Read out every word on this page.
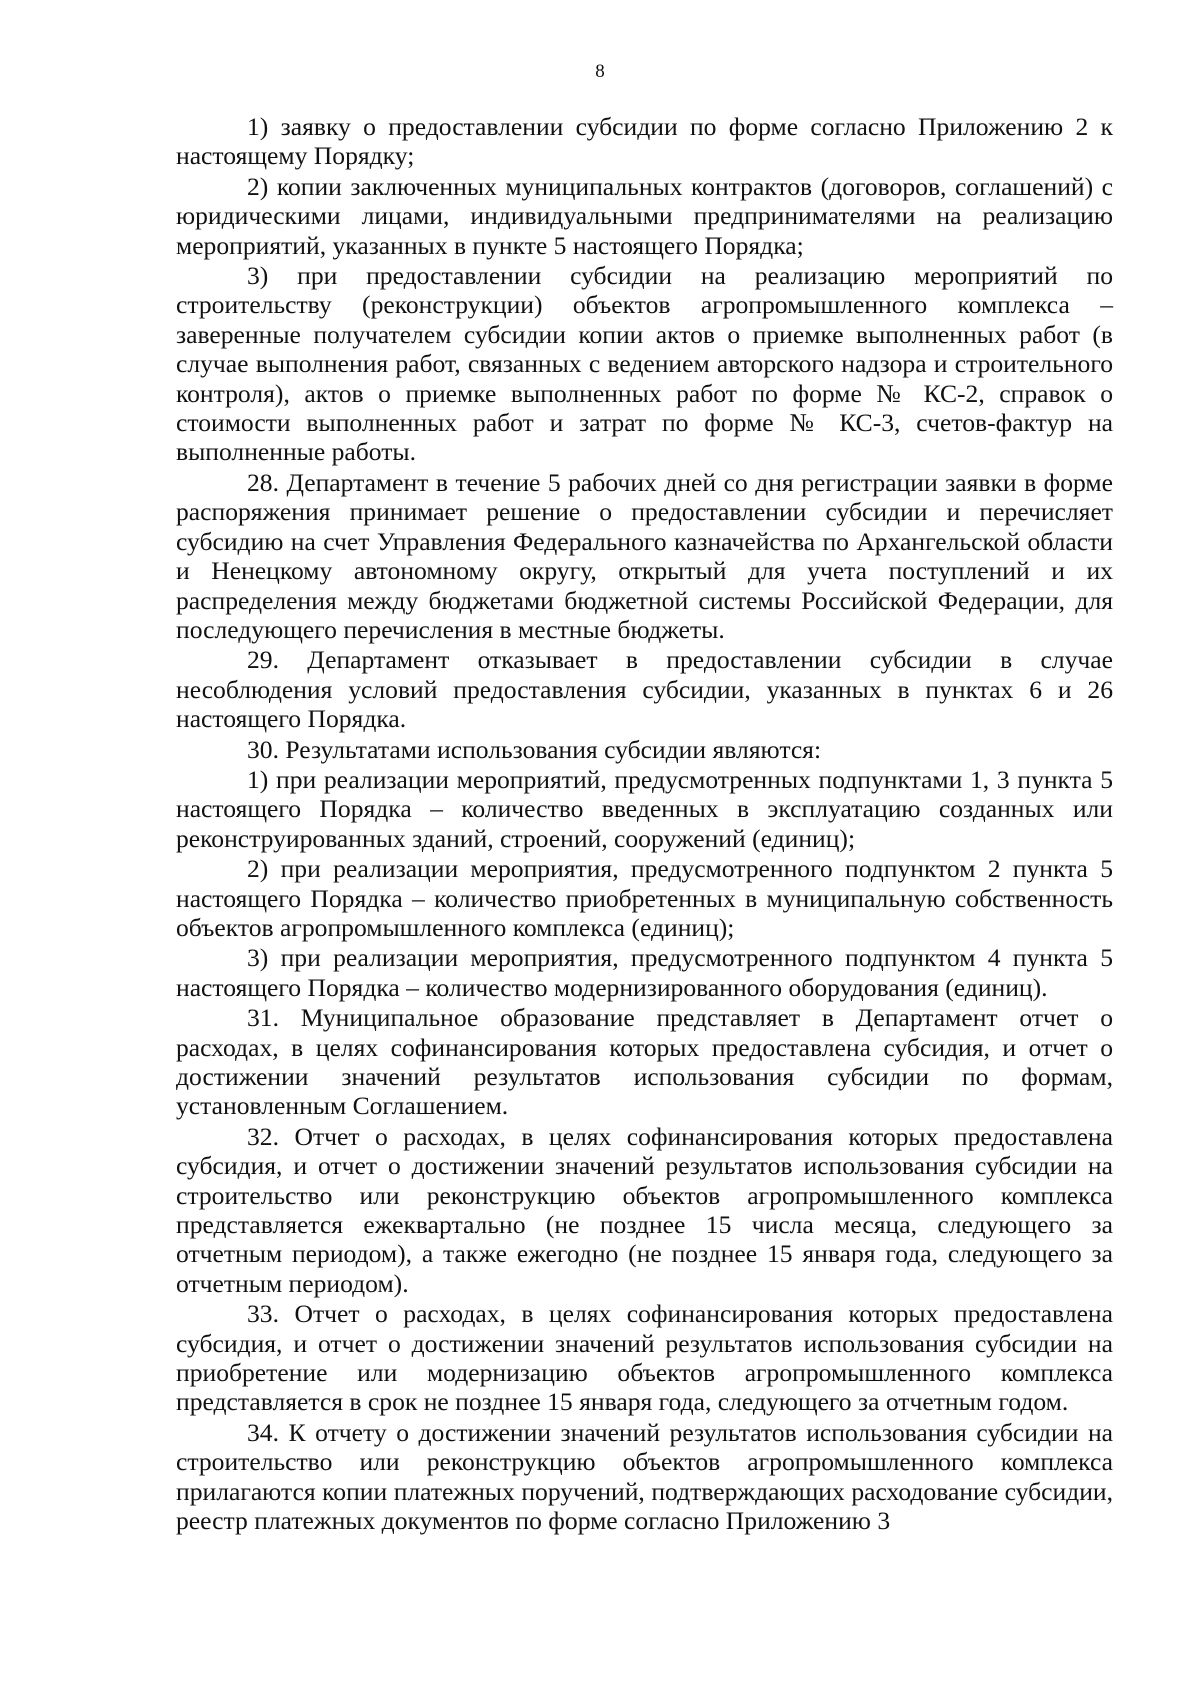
8

1) заявку о предоставлении субсидии по форме согласно Приложению 2 к настоящему Порядку;

2) копии заключенных муниципальных контрактов (договоров, соглашений) с юридическими лицами, индивидуальными предпринимателями на реализацию мероприятий, указанных в пункте 5 настоящего Порядка;

3) при предоставлении субсидии на реализацию мероприятий по строительству (реконструкции) объектов агропромышленного комплекса – заверенные получателем субсидии копии актов о приемке выполненных работ (в случае выполнения работ, связанных с ведением авторского надзора и строительного контроля), актов о приемке выполненных работ по форме № КС-2, справок о стоимости выполненных работ и затрат по форме № КС-3, счетов-фактур на выполненные работы.

28. Департамент в течение 5 рабочих дней со дня регистрации заявки в форме распоряжения принимает решение о предоставлении субсидии и перечисляет субсидию на счет Управления Федерального казначейства по Архангельской области и Ненецкому автономному округу, открытый для учета поступлений и их распределения между бюджетами бюджетной системы Российской Федерации, для последующего перечисления в местные бюджеты.

29. Департамент отказывает в предоставлении субсидии в случае несоблюдения условий предоставления субсидии, указанных в пунктах 6 и 26 настоящего Порядка.

30. Результатами использования субсидии являются:

1) при реализации мероприятий, предусмотренных подпунктами 1, 3 пункта 5 настоящего Порядка – количество введенных в эксплуатацию созданных или реконструированных зданий, строений, сооружений (единиц);

2) при реализации мероприятия, предусмотренного подпунктом 2 пункта 5 настоящего Порядка – количество приобретенных в муниципальную собственность объектов агропромышленного комплекса (единиц);

3) при реализации мероприятия, предусмотренного подпунктом 4 пункта 5 настоящего Порядка – количество модернизированного оборудования (единиц).

31. Муниципальное образование представляет в Департамент отчет о расходах, в целях софинансирования которых предоставлена субсидия, и отчет о достижении значений результатов использования субсидии по формам, установленным Соглашением.

32. Отчет о расходах, в целях софинансирования которых предоставлена субсидия, и отчет о достижении значений результатов использования субсидии на строительство или реконструкцию объектов агропромышленного комплекса представляется ежеквартально (не позднее 15 числа месяца, следующего за отчетным периодом), а также ежегодно (не позднее 15 января года, следующего за отчетным периодом).

33. Отчет о расходах, в целях софинансирования которых предоставлена субсидия, и отчет о достижении значений результатов использования субсидии на приобретение или модернизацию объектов агропромышленного комплекса представляется в срок не позднее 15 января года, следующего за отчетным годом.

34. К отчету о достижении значений результатов использования субсидии на строительство или реконструкцию объектов агропромышленного комплекса прилагаются копии платежных поручений, подтверждающих расходование субсидии, реестр платежных документов по форме согласно Приложению 3
